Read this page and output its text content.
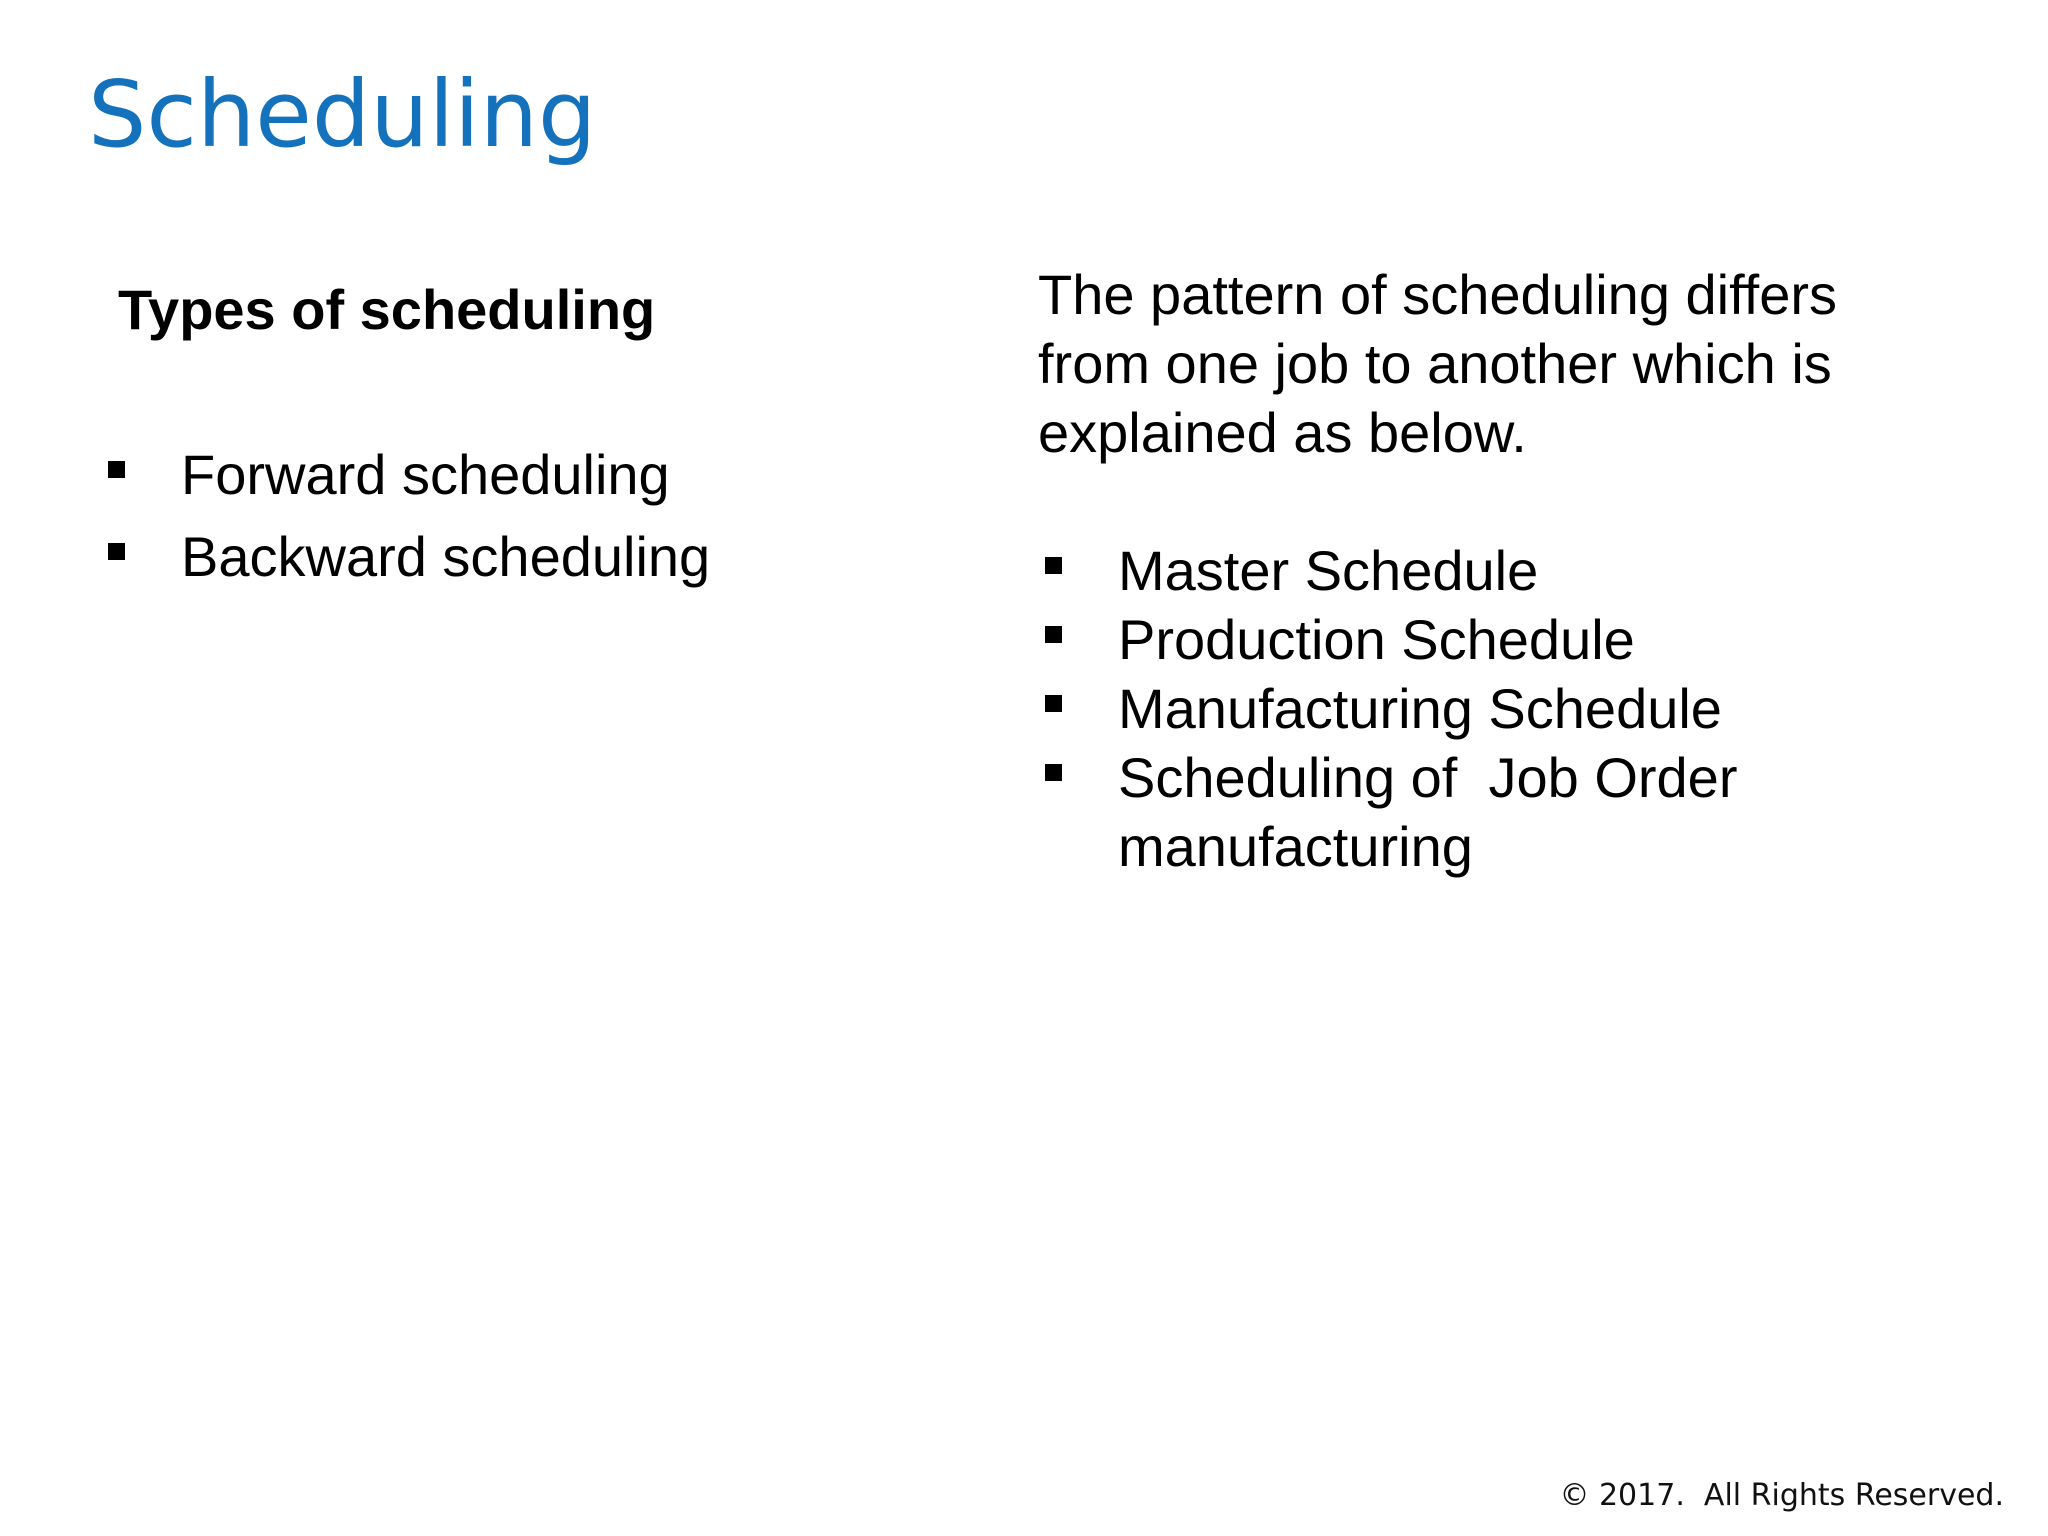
Scheduling
Types of scheduling
Forward scheduling
Backward scheduling

The pattern of scheduling differs from one job to another which is explained as below.

Master Schedule
Production Schedule
Manufacturing Schedule
Scheduling of  Job Order manufacturing

© 2017.  All Rights Reserved.
